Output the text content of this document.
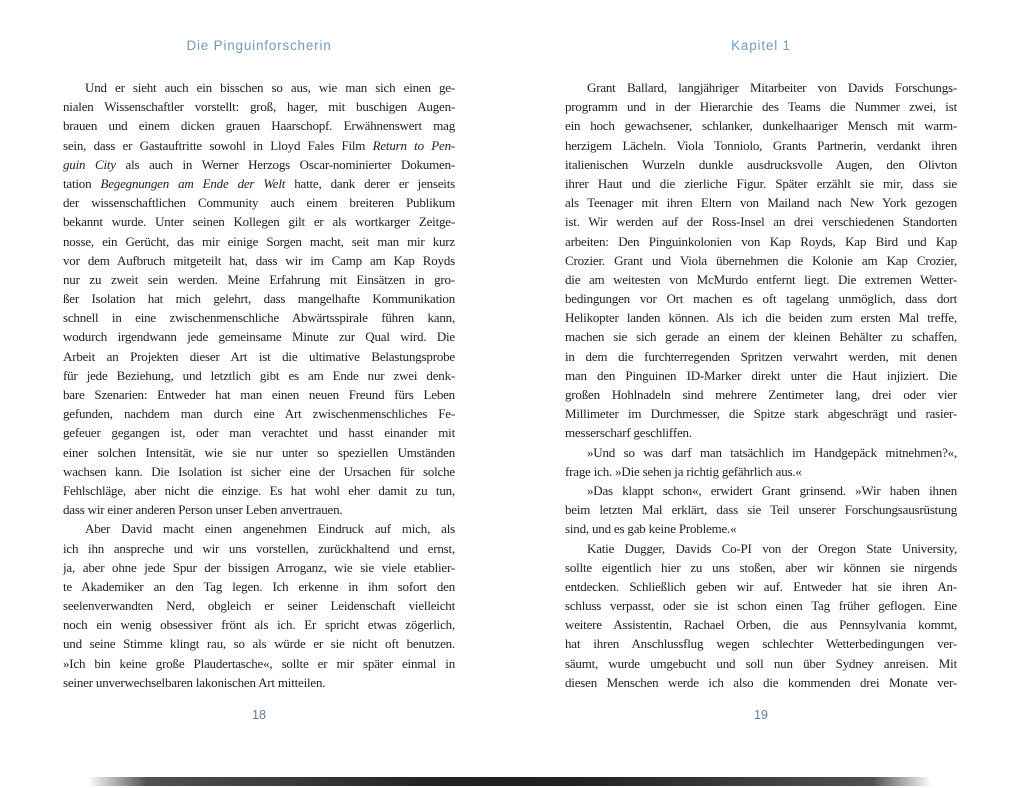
Die Pinguinforscherin
Und er sieht auch ein bisschen so aus, wie man sich einen ge-
nialen Wissenschaftler vorstellt: groß, hager, mit buschigen Augen-
brauen und einem dicken grauen Haarschopf. Erwähnenswert mag
sein, dass er Gastauftritte sowohl in Lloyd Fales Film Return to Pen-
guin City als auch in Werner Herzogs Oscar-nominierter Dokumen-
tation Begegnungen am Ende der Welt hatte, dank derer er jenseits
der wissenschaftlichen Community auch einem breiteren Publikum
bekannt wurde. Unter seinen Kollegen gilt er als wortkarger Zeitge-
nosse, ein Gerücht, das mir einige Sorgen macht, seit man mir kurz
vor dem Aufbruch mitgeteilt hat, dass wir im Camp am Kap Royds
nur zu zweit sein werden. Meine Erfahrung mit Einsätzen in gro-
ßer Isolation hat mich gelehrt, dass mangelhafte Kommunikation
schnell in eine zwischenmenschliche Abwärtsspirale führen kann,
wodurch irgendwann jede gemeinsame Minute zur Qual wird. Die
Arbeit an Projekten dieser Art ist die ultimative Belastungsprobe
für jede Beziehung, und letztlich gibt es am Ende nur zwei denk-
bare Szenarien: Entweder hat man einen neuen Freund fürs Leben
gefunden, nachdem man durch eine Art zwischenmenschliches Fe-
gefeuer gegangen ist, oder man verachtet und hasst einander mit
einer solchen Intensität, wie sie nur unter so speziellen Umständen
wachsen kann. Die Isolation ist sicher eine der Ursachen für solche
Fehlschläge, aber nicht die einzige. Es hat wohl eher damit zu tun,
dass wir einer anderen Person unser Leben anvertrauen.
Aber David macht einen angenehmen Eindruck auf mich, als
ich ihn anspreche und wir uns vorstellen, zurückhaltend und ernst,
ja, aber ohne jede Spur der bissigen Arroganz, wie sie viele etablier-
te Akademiker an den Tag legen. Ich erkenne in ihm sofort den
seelenverwandten Nerd, obgleich er seiner Leidenschaft vielleicht
noch ein wenig obsessiver frönt als ich. Er spricht etwas zögerlich,
und seine Stimme klingt rau, so als würde er sie nicht oft benutzen.
»Ich bin keine große Plaudertasche«, sollte er mir später einmal in
seiner unverwechselbaren lakonischen Art mitteilen.
18
Kapitel 1
Grant Ballard, langjähriger Mitarbeiter von Davids Forschungs-
programm und in der Hierarchie des Teams die Nummer zwei, ist
ein hoch gewachsener, schlanker, dunkelhaariger Mensch mit warm-
herzigem Lächeln. Viola Tonniolo, Grants Partnerin, verdankt ihren
italienischen Wurzeln dunkle ausdrucksvolle Augen, den Olivton
ihrer Haut und die zierliche Figur. Später erzählt sie mir, dass sie
als Teenager mit ihren Eltern von Mailand nach New York gezogen
ist. Wir werden auf der Ross-Insel an drei verschiedenen Standorten
arbeiten: Den Pinguinkolonien von Kap Royds, Kap Bird und Kap
Crozier. Grant und Viola übernehmen die Kolonie am Kap Crozier,
die am weitesten von McMurdo entfernt liegt. Die extremen Wetter-
bedingungen vor Ort machen es oft tagelang unmöglich, dass dort
Helikopter landen können. Als ich die beiden zum ersten Mal treffe,
machen sie sich gerade an einem der kleinen Behälter zu schaffen,
in dem die furchterregenden Spritzen verwahrt werden, mit denen
man den Pinguinen ID-Marker direkt unter die Haut injiziert. Die
großen Hohlnadeln sind mehrere Zentimeter lang, drei oder vier
Millimeter im Durchmesser, die Spitze stark abgeschrägt und rasier-
messerscharf geschliffen.
»Und so was darf man tatsächlich im Handgepäck mitnehmen?«,
frage ich. »Die sehen ja richtig gefährlich aus.«
»Das klappt schon«, erwidert Grant grinsend. »Wir haben ihnen
beim letzten Mal erklärt, dass sie Teil unserer Forschungsausrüstung
sind, und es gab keine Probleme.«
Katie Dugger, Davids Co-PI von der Oregon State University,
sollte eigentlich hier zu uns stoßen, aber wir können sie nirgends
entdecken. Schließlich geben wir auf. Entweder hat sie ihren An-
schluss verpasst, oder sie ist schon einen Tag früher geflogen. Eine
weitere Assistentin, Rachael Orben, die aus Pennsylvania kommt,
hat ihren Anschlussflug wegen schlechter Wetterbedingungen ver-
säumt, wurde umgebucht und soll nun über Sydney anreisen. Mit
diesen Menschen werde ich also die kommenden drei Monate ver-
19
